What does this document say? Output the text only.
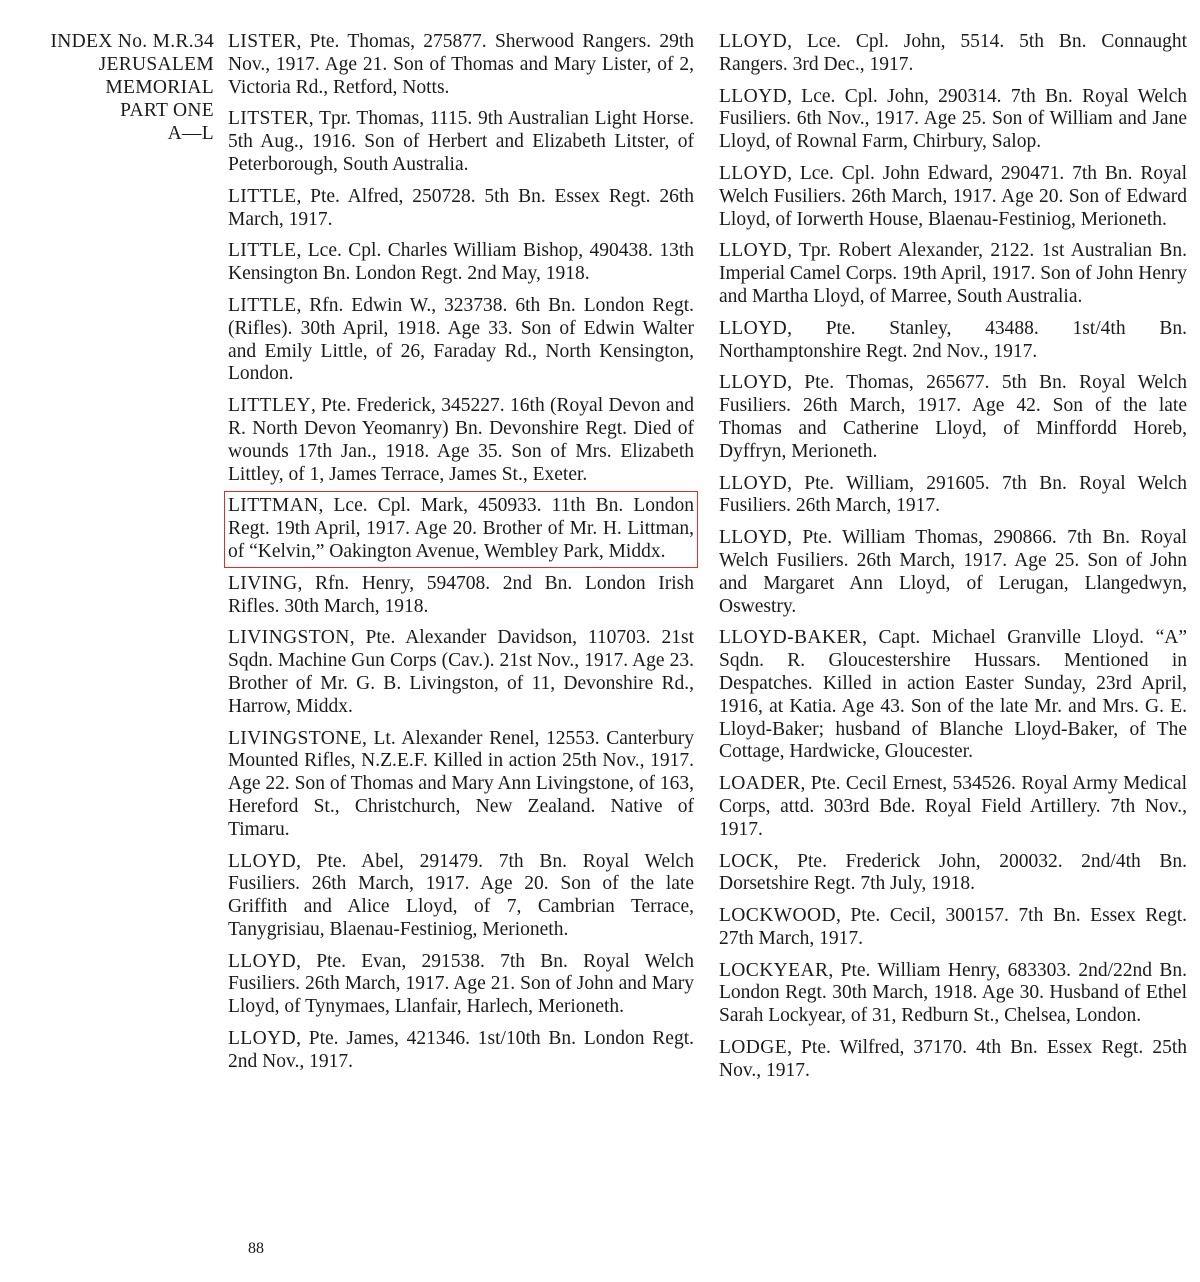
INDEX No. M.R.34
JERUSALEM
MEMORIAL
PART ONE
A—L

LISTER, Pte. Thomas, 275877. Sherwood Rangers. 29th Nov., 1917. Age 21. Son of Thomas and Mary Lister, of 2, Victoria Rd., Retford, Notts.

LITSTER, Tpr. Thomas, 1115. 9th Australian Light Horse. 5th Aug., 1916. Son of Herbert and Elizabeth Litster, of Peterborough, South Australia.

LITTLE, Pte. Alfred, 250728. 5th Bn. Essex Regt. 26th March, 1917.

LITTLE, Lce. Cpl. Charles William Bishop, 490438. 13th Kensington Bn. London Regt. 2nd May, 1918.

LITTLE, Rfn. Edwin W., 323738. 6th Bn. London Regt. (Rifles). 30th April, 1918. Age 33. Son of Edwin Walter and Emily Little, of 26, Faraday Rd., North Kensington, London.

LITTLEY, Pte. Frederick, 345227. 16th (Royal Devon and R. North Devon Yeomanry) Bn. Devonshire Regt. Died of wounds 17th Jan., 1918. Age 35. Son of Mrs. Elizabeth Littley, of 1, James Terrace, James St., Exeter.

LITTMAN, Lce. Cpl. Mark, 450933. 11th Bn. London Regt. 19th April, 1917. Age 20. Brother of Mr. H. Littman, of “Kelvin,” Oakington Avenue, Wembley Park, Middx.

LIVING, Rfn. Henry, 594708. 2nd Bn. London Irish Rifles. 30th March, 1918.

LIVINGSTON, Pte. Alexander Davidson, 110703. 21st Sqdn. Machine Gun Corps (Cav.). 21st Nov., 1917. Age 23. Brother of Mr. G. B. Livingston, of 11, Devonshire Rd., Harrow, Middx.

LIVINGSTONE, Lt. Alexander Renel, 12553. Canterbury Mounted Rifles, N.Z.E.F. Killed in action 25th Nov., 1917. Age 22. Son of Thomas and Mary Ann Livingstone, of 163, Hereford St., Christchurch, New Zealand. Native of Timaru.

LLOYD, Pte. Abel, 291479. 7th Bn. Royal Welch Fusiliers. 26th March, 1917. Age 20. Son of the late Griffith and Alice Lloyd, of 7, Cambrian Terrace, Tanygrisiau, Blaenau-Festiniog, Merioneth.

LLOYD, Pte. Evan, 291538. 7th Bn. Royal Welch Fusiliers. 26th March, 1917. Age 21. Son of John and Mary Lloyd, of Tynymaes, Llanfair, Harlech, Merioneth.

LLOYD, Pte. James, 421346. 1st/10th Bn. London Regt. 2nd Nov., 1917.

LLOYD, Lce. Cpl. John, 5514. 5th Bn. Connaught Rangers. 3rd Dec., 1917.

LLOYD, Lce. Cpl. John, 290314. 7th Bn. Royal Welch Fusiliers. 6th Nov., 1917. Age 25. Son of William and Jane Lloyd, of Rownal Farm, Chirbury, Salop.

LLOYD, Lce. Cpl. John Edward, 290471. 7th Bn. Royal Welch Fusiliers. 26th March, 1917. Age 20. Son of Edward Lloyd, of Iorwerth House, Blaenau-Festiniog, Merioneth.

LLOYD, Tpr. Robert Alexander, 2122. 1st Australian Bn. Imperial Camel Corps. 19th April, 1917. Son of John Henry and Martha Lloyd, of Marree, South Australia.

LLOYD, Pte. Stanley, 43488. 1st/4th Bn. Northamptonshire Regt. 2nd Nov., 1917.

LLOYD, Pte. Thomas, 265677. 5th Bn. Royal Welch Fusiliers. 26th March, 1917. Age 42. Son of the late Thomas and Catherine Lloyd, of Minffordd Horeb, Dyffryn, Merioneth.

LLOYD, Pte. William, 291605. 7th Bn. Royal Welch Fusiliers. 26th March, 1917.

LLOYD, Pte. William Thomas, 290866. 7th Bn. Royal Welch Fusiliers. 26th March, 1917. Age 25. Son of John and Margaret Ann Lloyd, of Lerugan, Llangedwyn, Oswestry.

LLOYD-BAKER, Capt. Michael Granville Lloyd. “A” Sqdn. R. Gloucestershire Hussars. Mentioned in Despatches. Killed in action Easter Sunday, 23rd April, 1916, at Katia. Age 43. Son of the late Mr. and Mrs. G. E. Lloyd-Baker; husband of Blanche Lloyd-Baker, of The Cottage, Hardwicke, Gloucester.

LOADER, Pte. Cecil Ernest, 534526. Royal Army Medical Corps, attd. 303rd Bde. Royal Field Artillery. 7th Nov., 1917.

LOCK, Pte. Frederick John, 200032. 2nd/4th Bn. Dorsetshire Regt. 7th July, 1918.

LOCKWOOD, Pte. Cecil, 300157. 7th Bn. Essex Regt. 27th March, 1917.

LOCKYEAR, Pte. William Henry, 683303. 2nd/22nd Bn. London Regt. 30th March, 1918. Age 30. Husband of Ethel Sarah Lockyear, of 31, Redburn St., Chelsea, London.

LODGE, Pte. Wilfred, 37170. 4th Bn. Essex Regt. 25th Nov., 1917.

88
